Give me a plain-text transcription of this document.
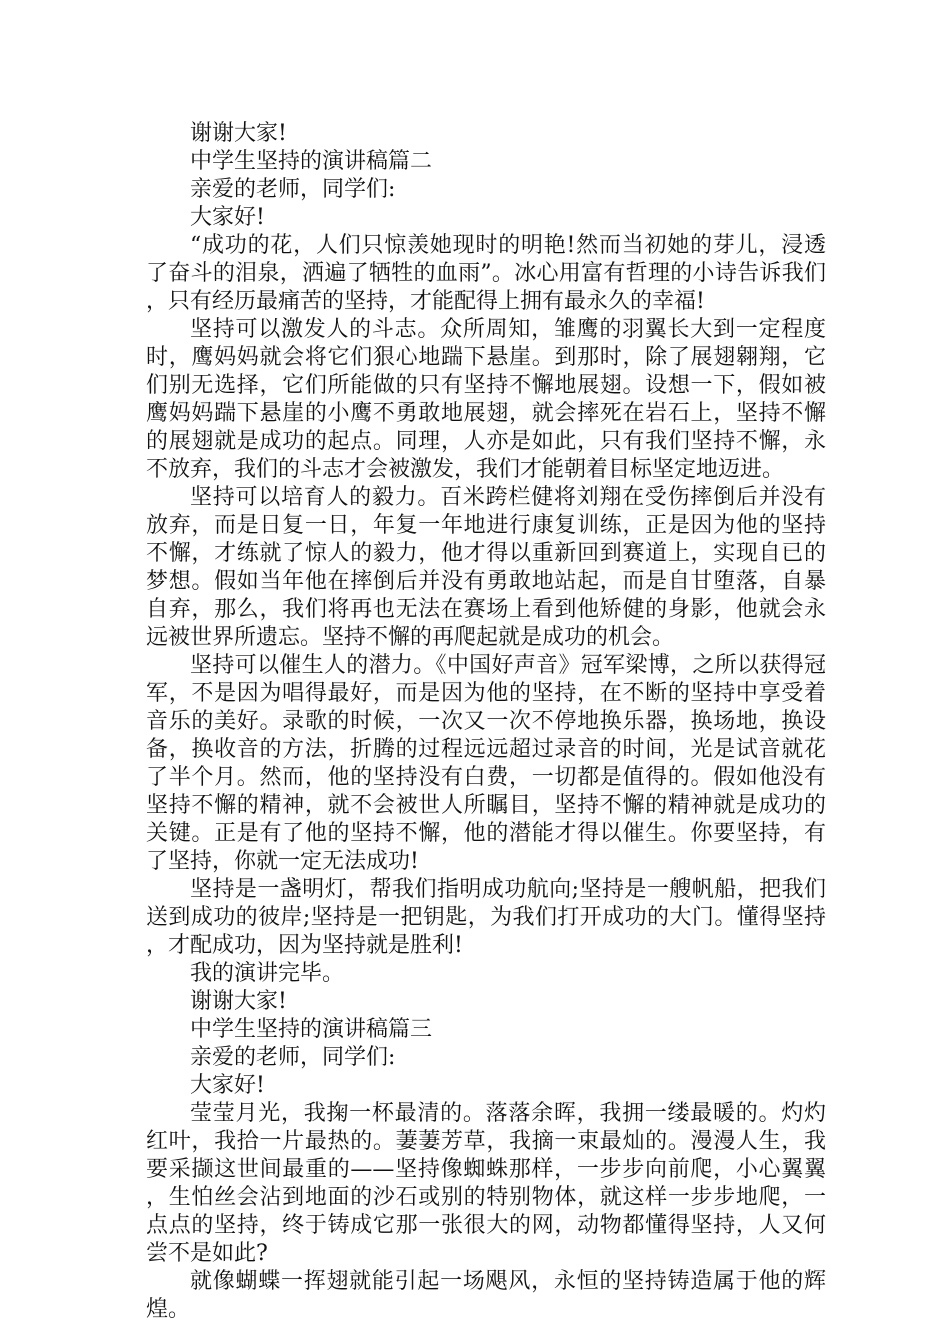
谢谢大家!

中学生坚持的演讲稿篇二

亲爱的老师，同学们:

大家好!

“成功的花，人们只惊羡她现时的明艳!然而当初她的芽儿，浸透了奋斗的泪泉，洒遍了牺牲的血雨”。冰心用富有哲理的小诗告诉我们，只有经历最痛苦的坚持，才能配得上拥有最永久的幸福!

坚持可以激发人的斗志。众所周知，雏鹰的羽翼长大到一定程度时，鹰妈妈就会将它们狠心地踹下悬崖。到那时，除了展翅翱翔，它们别无选择，它们所能做的只有坚持不懈地展翅。设想一下，假如被鹰妈妈踹下悬崖的小鹰不勇敢地展翅，就会摔死在岩石上，坚持不懈的展翅就是成功的起点。同理，人亦是如此，只有我们坚持不懈，永不放弃，我们的斗志才会被激发，我们才能朝着目标坚定地迈进。

坚持可以培育人的毅力。百米跨栏健将刘翔在受伤摔倒后并没有放弃，而是日复一日，年复一年地进行康复训练，正是因为他的坚持不懈，才练就了惊人的毅力，他才得以重新回到赛道上，实现自已的梦想。假如当年他在摔倒后并没有勇敢地站起，而是自甘堕落，自暴自弃，那么，我们将再也无法在赛场上看到他矫健的身影，他就会永远被世界所遗忘。坚持不懈的再爬起就是成功的机会。

坚持可以催生人的潜力。《中国好声音》冠军梁博，之所以获得冠军，不是因为唱得最好，而是因为他的坚持，在不断的坚持中享受着音乐的美好。录歌的时候，一次又一次不停地换乐器，换场地，换设备，换收音的方法，折腾的过程远远超过录音的时间，光是试音就花了半个月。然而，他的坚持没有白费，一切都是值得的。假如他没有坚持不懈的精神，就不会被世人所瞩目，坚持不懈的精神就是成功的关键。正是有了他的坚持不懈，他的潜能才得以催生。你要坚持，有了坚持，你就一定无法成功!

坚持是一盏明灯，帮我们指明成功航向;坚持是一艘帆船，把我们送到成功的彼岸;坚持是一把钥匙，为我们打开成功的大门。懂得坚持，才配成功，因为坚持就是胜利!

我的演讲完毕。

谢谢大家!

中学生坚持的演讲稿篇三

亲爱的老师，同学们:

大家好!

莹莹月光，我掬一杯最清的。落落余晖，我拥一缕最暖的。灼灼红叶，我拾一片最热的。萋萋芳草，我摘一束最灿的。漫漫人生，我要采撷这世间最重的——坚持像蜘蛛那样，一步步向前爬，小心翼翼，生怕丝会沾到地面的沙石或别的特别物体，就这样一步步地爬，一点点的坚持，终于铸成它那一张很大的网，动物都懂得坚持，人又何尝不是如此?

就像蝴蝶一挥翅就能引起一场飓风，永恒的坚持铸造属于他的辉煌。
